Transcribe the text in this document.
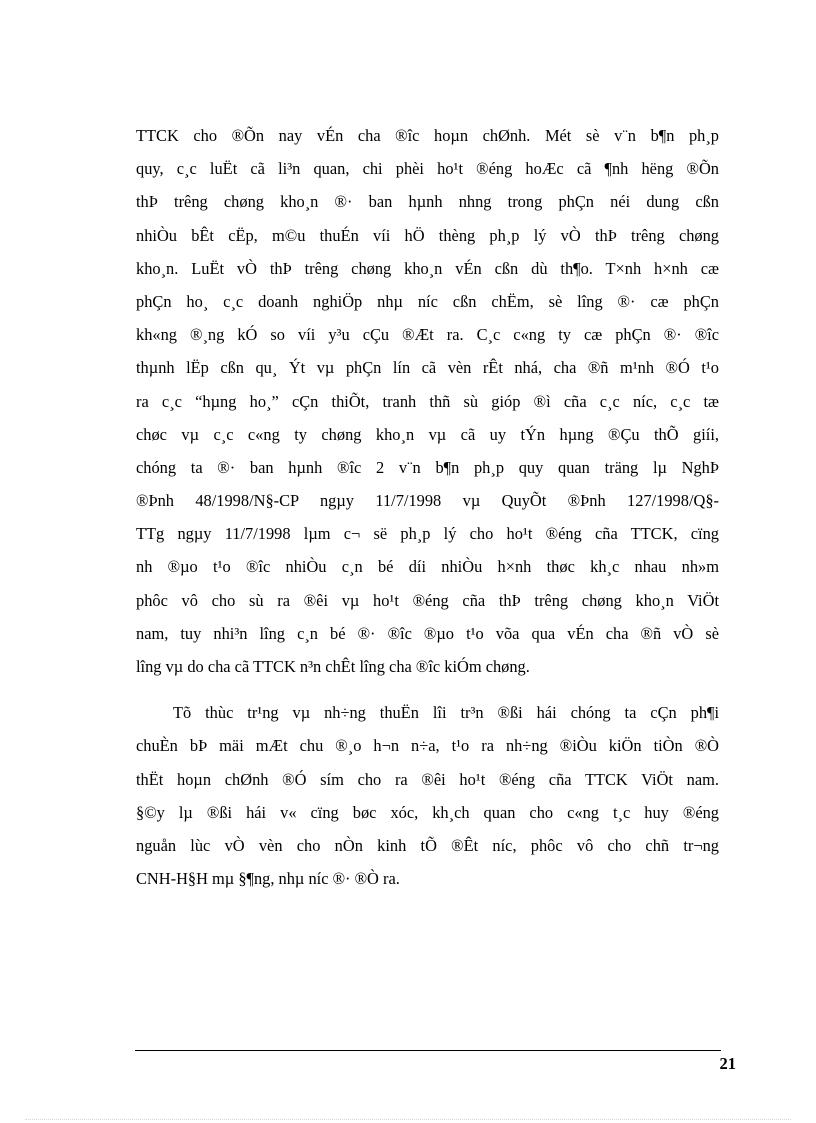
TTCK cho ®Õn nay vÉn cha ®îc hoµn chØnh. Mét sè v¨n b¶n ph¸p
quy, c¸c luËt cã li³n quan, chi phèi ho¹t ®éng hoÆc cã ¶nh hëng ®Õn
thÞ trêng chøng kho¸n ®· ban hµnh nhng trong phÇn néi dung cßn
nhiÒu bÊt cËp, m©u thuÉn víi hÖ thèng ph¸p lý vÒ thÞ trêng chøng
kho¸n. LuËt vÒ thÞ trêng chøng kho¸n vÉn cßn dù th¶o. T×nh h×nh cæ
phÇn ho¸ c¸c doanh nghiÖp nhµ níc cßn chËm, sè lîng ®· cæ phÇn
kh«ng ®¸ng kÓ so víi y³u cÇu ®Æt ra. C¸c c«ng ty cæ phÇn ®· ®îc
thµnh lËp cßn qu¸ Ýt vµ phÇn lín cã vèn rÊt nhá, cha ®ñ m¹nh ®Ó t¹o
ra c¸c “hµng ho¸” cÇn thiÕt, tranh thñ sù gióp ®ì cña c¸c níc, c¸c tæ
chøc vµ c¸c c«ng ty chøng kho¸n vµ cã uy tÝn hµng ®Çu thÕ giíi,
chóng ta ®· ban hµnh ®îc 2 v¨n b¶n ph¸p quy quan träng lµ NghÞ
®Þnh 48/1998/N§-CP ngµy 11/7/1998 vµ QuyÕt ®Þnh 127/1998/Q§-
TTg ngµy 11/7/1998 lµm c¬ së ph¸p lý cho ho¹t ®éng cña TTCK, cïng
nh ®µo t¹o ®îc nhiÒu c¸n bé díi nhiÒu h×nh thøc kh¸c nhau nh»m
phôc vô cho sù ra ®êi vµ ho¹t ®éng cña thÞ trêng chøng kho¸n ViÖt
nam, tuy nhi³n lîng c¸n bé ®· ®îc ®µo t¹o võa qua vÉn cha ®ñ vÒ sè
lîng vµ do cha cã TTCK n³n chÊt lîng cha ®îc kiÓm chøng.
Tõ thùc tr¹ng vµ nh÷ng thuËn lîi tr³n ®ßi hái chóng ta cÇn ph¶i
chuÈn bÞ mäi mÆt chu ®¸o h¬n n÷a, t¹o ra nh÷ng ®iÒu kiÖn tiÒn ®Ò
thËt hoµn chØnh ®Ó sím cho ra ®êi ho¹t ®éng cña TTCK ViÖt nam.
§©y lµ ®ßi hái v« cïng bøc xóc, kh¸ch quan cho c«ng t¸c huy ®éng
nguån lùc vÒ vèn cho nÒn kinh tÕ ®Êt níc, phôc vô cho chñ tr¬ng
CNH-H§H mµ §¶ng, nhµ níc ®· ®Ò ra.
21
